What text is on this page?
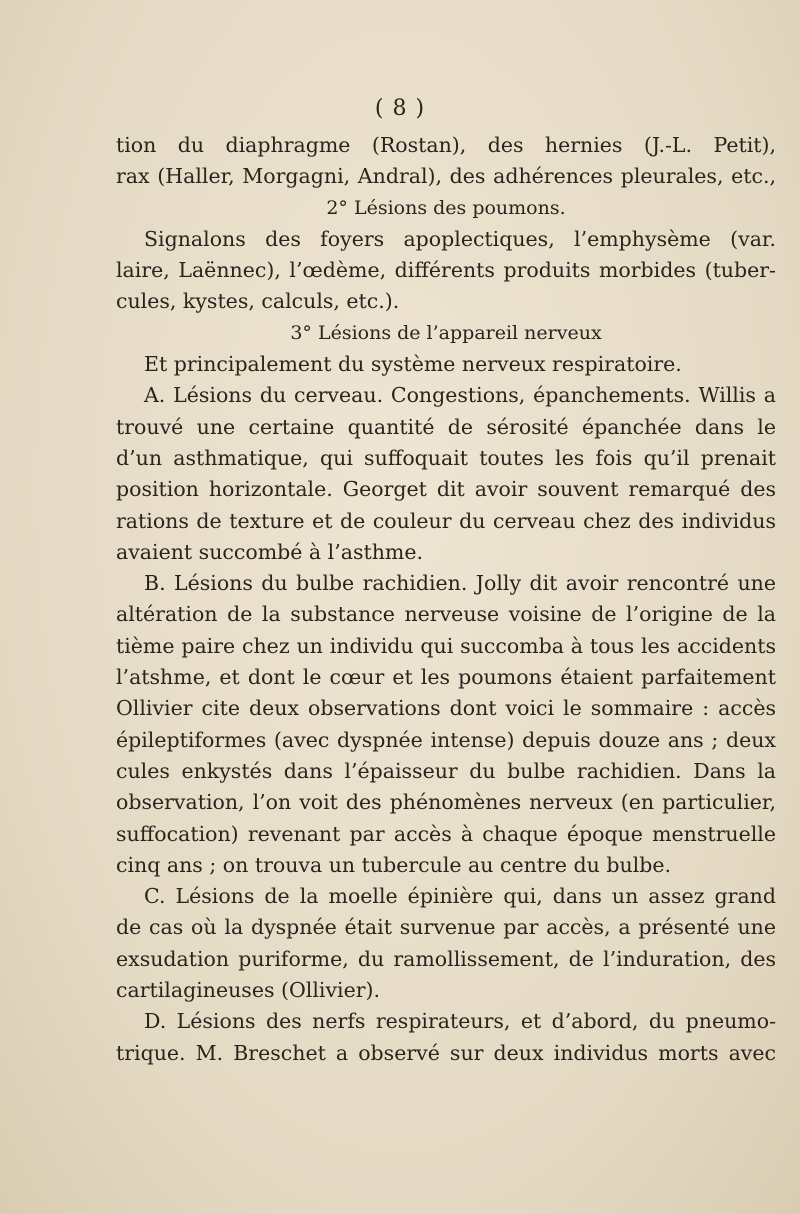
( 8 )
tion du diaphragme (Rostan), des hernies (J.-L. Petit),
rax (Haller, Morgagni, Andral), des adhérences pleurales, etc.,
2° Lésions des poumons.
Signalons des foyers apoplectiques, l’emphysème (var.
laire, Laënnec), l’œdème, différents produits morbides (tuber-
cules, kystes, calculs, etc.).
3° Lésions de l’appareil nerveux
Et principalement du système nerveux respiratoire.
A. Lésions du cerveau. Congestions, épanchements. Willis a
trouvé une certaine quantité de sérosité épanchée dans le
d’un asthmatique, qui suffoquait toutes les fois qu’il prenait
position horizontale. Georget dit avoir souvent remarqué des
rations de texture et de couleur du cerveau chez des individus
avaient succombé à l’asthme.
B. Lésions du bulbe rachidien. Jolly dit avoir rencontré une
altération de la substance nerveuse voisine de l’origine de la
tième paire chez un individu qui succomba à tous les accidents
l’atshme, et dont le cœur et les poumons étaient parfaitement
Ollivier cite deux observations dont voici le sommaire : accès
épileptiformes (avec dyspnée intense) depuis douze ans ; deux
cules enkystés dans l’épaisseur du bulbe rachidien. Dans la
observation, l’on voit des phénomènes nerveux (en particulier,
suffocation) revenant par accès à chaque époque menstruelle
cinq ans ; on trouva un tubercule au centre du bulbe.
C. Lésions de la moelle épinière qui, dans un assez grand
de cas où la dyspnée était survenue par accès, a présenté une
exsudation puriforme, du ramollissement, de l’induration, des
cartilagineuses (Ollivier).
D. Lésions des nerfs respirateurs, et d’abord, du pneumo-
trique. M. Breschet a observé sur deux individus morts avec
